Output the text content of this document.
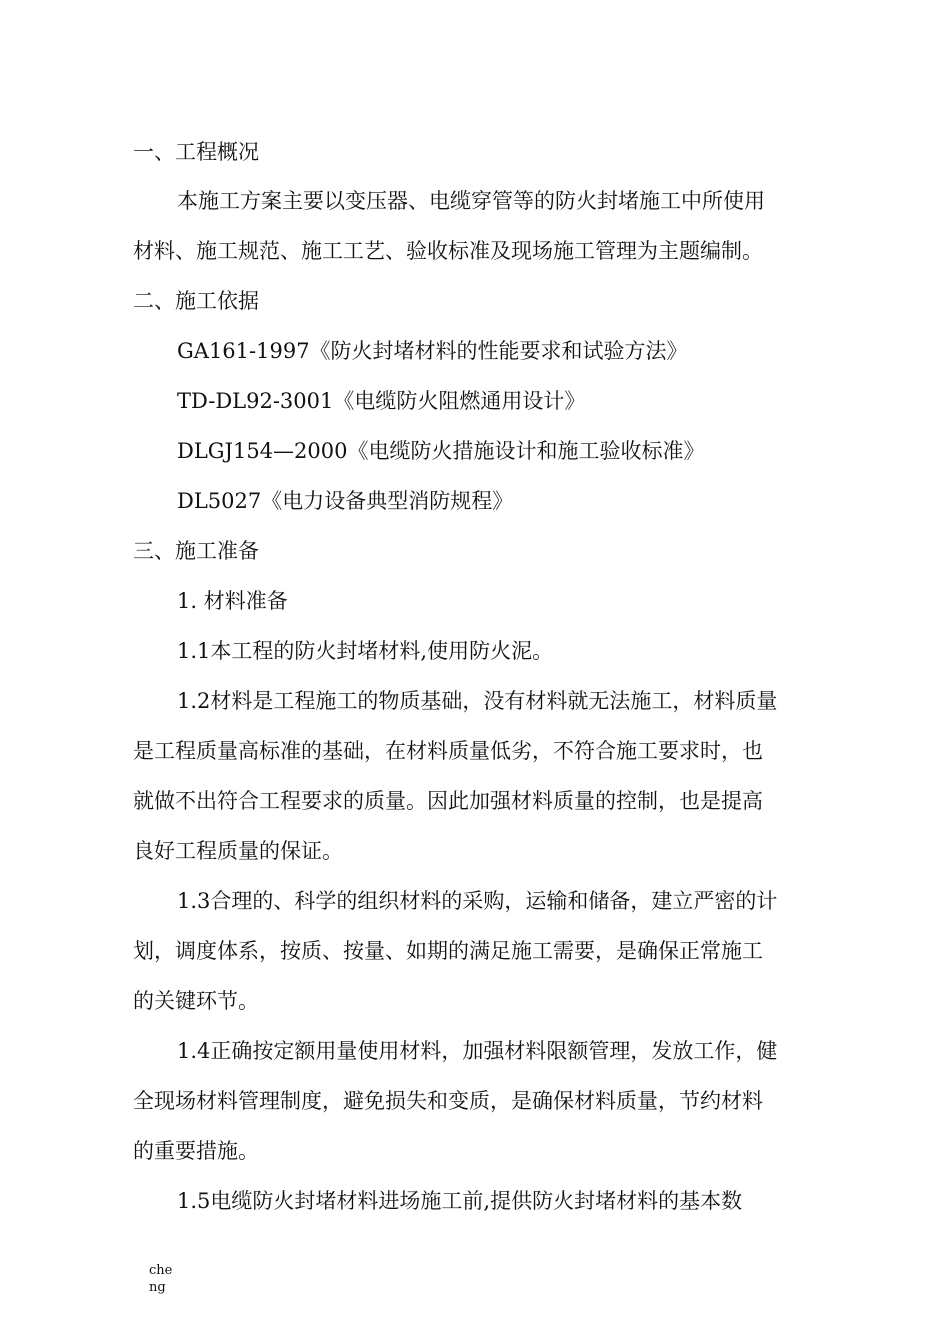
一、工程概况
本施工方案主要以变压器、电缆穿管等的防火封堵施工中所使用
材料、施工规范、施工工艺、验收标准及现场施工管理为主题编制。
二、施工依据
GA161-1997《防火封堵材料的性能要求和试验方法》
TD-DL92-3001《电缆防火阻燃通用设计》
DLGJ154—2000《电缆防火措施设计和施工验收标准》
DL5027《电力设备典型消防规程》
三、施工准备
1. 材料准备
1.1本工程的防火封堵材料,使用防火泥。
1.2材料是工程施工的物质基础，没有材料就无法施工，材料质量
是工程质量高标准的基础，在材料质量低劣，不符合施工要求时，也
就做不出符合工程要求的质量。因此加强材料质量的控制，也是提高
良好工程质量的保证。
1.3合理的、科学的组织材料的采购，运输和储备，建立严密的计
划，调度体系，按质、按量、如期的满足施工需要，是确保正常施工
的关键环节。
1.4正确按定额用量使用材料，加强材料限额管理，发放工作，健
全现场材料管理制度，避免损失和变质，是确保材料质量，节约材料
的重要措施。
1.5电缆防火封堵材料进场施工前,提供防火封堵材料的基本数
cheng
